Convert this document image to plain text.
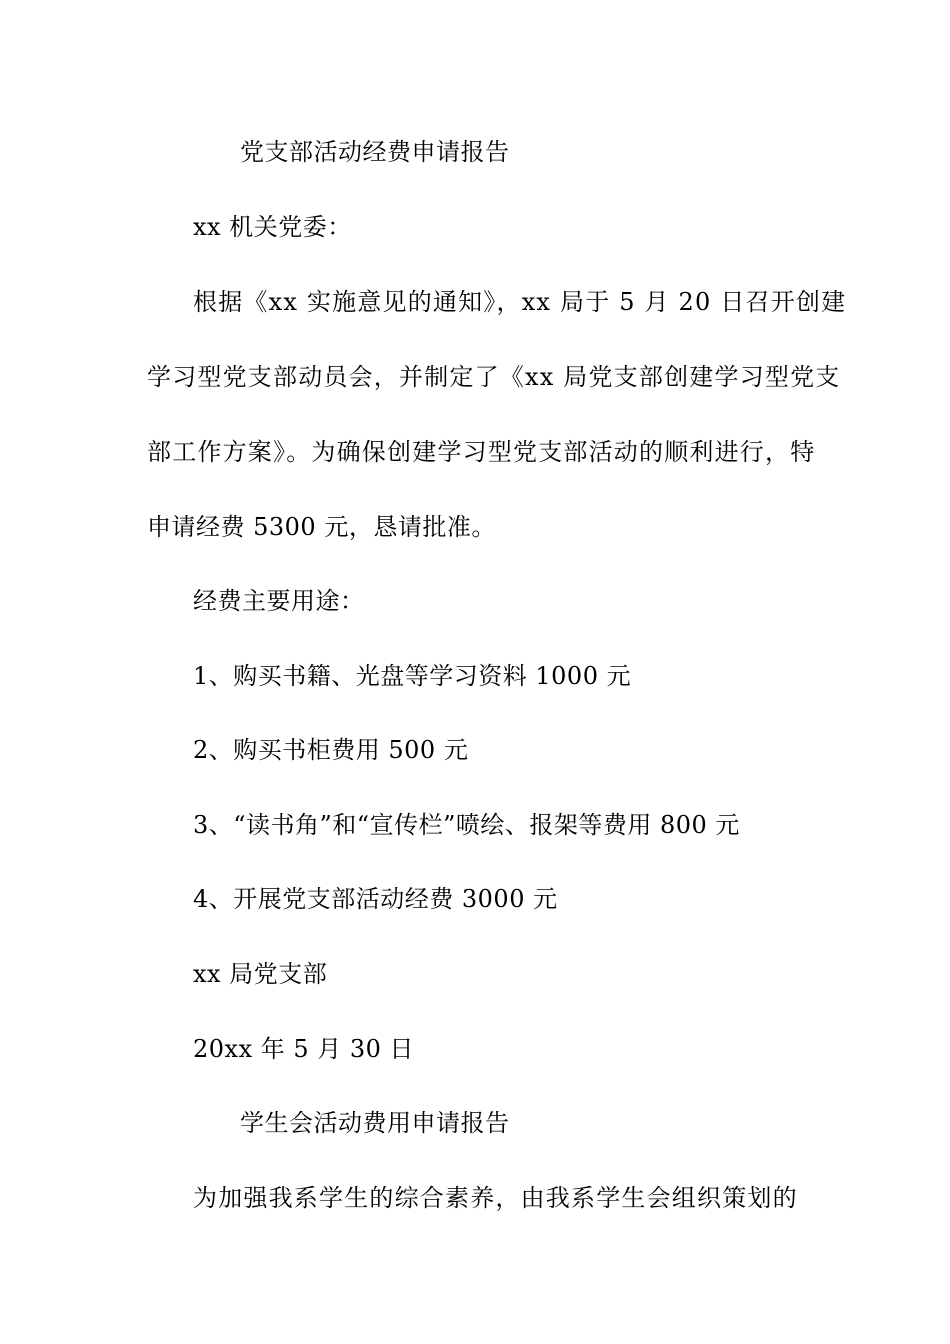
党支部活动经费申请报告
xx 机关党委：
根据《xx 实施意见的通知》，xx 局于 5 月 20 日召开创建
学习型党支部动员会，并制定了《xx 局党支部创建学习型党支
部工作方案》。为确保创建学习型党支部活动的顺利进行，特
申请经费 5300 元，恳请批准。
经费主要用途：
1、购买书籍、光盘等学习资料 1000 元
2、购买书柜费用 500 元
3、“读书角”和“宣传栏”喷绘、报架等费用 800 元
4、开展党支部活动经费 3000 元
xx 局党支部
20xx 年 5 月 30 日
学生会活动费用申请报告
为加强我系学生的综合素养，由我系学生会组织策划的
